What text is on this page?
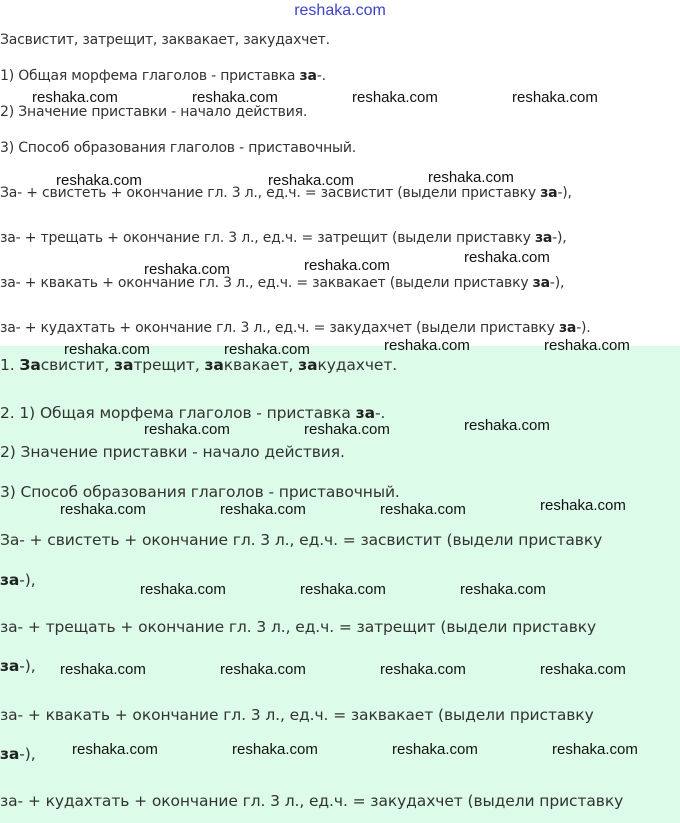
reshaka.com
Засвистит, затрещит, заквакает, закудахчет.
1) Общая морфема глаголов - приставка за-.
2) Значение приставки - начало действия.
3) Способ образования глаголов - приставочный.
За- + свистеть + окончание гл. 3 л., ед.ч. = засвистит (выдели приставку за-),
за- + трещать + окончание гл. 3 л., ед.ч. = затрещит (выдели приставку за-),
за- + квакать + окончание гл. 3 л., ед.ч. = заквакает (выдели приставку за-),
за- + кудахтать + окончание гл. 3 л., ед.ч. = закудахчет (выдели приставку за-).
1. Засвистит, затрещит, заквакает, закудахчет.
2. 1) Общая морфема глаголов - приставка за-.
2) Значение приставки - начало действия.
3) Способ образования глаголов - приставочный.
За- + свистеть + окончание гл. 3 л., ед.ч. = засвистит (выдели приставку
за-),
за- + трещать + окончание гл. 3 л., ед.ч. = затрещит (выдели приставку
за-),
за- + квакать + окончание гл. 3 л., ед.ч. = заквакает (выдели приставку
за-),
за- + кудахтать + окончание гл. 3 л., ед.ч. = закудахчет (выдели приставку
reshaka.com	reshaka.com	reshaka.com	reshaka.com
reshaka.com	reshaka.com	reshaka.com
reshaka.com	reshaka.com	reshaka.com
reshaka.com	reshaka.com	reshaka.com	reshaka.com
reshaka.com	reshaka.com	reshaka.com
reshaka.com	reshaka.com	reshaka.com	reshaka.com
reshaka.com	reshaka.com	reshaka.com
reshaka.com	reshaka.com	reshaka.com	reshaka.com
reshaka.com	reshaka.com	reshaka.com	reshaka.com
